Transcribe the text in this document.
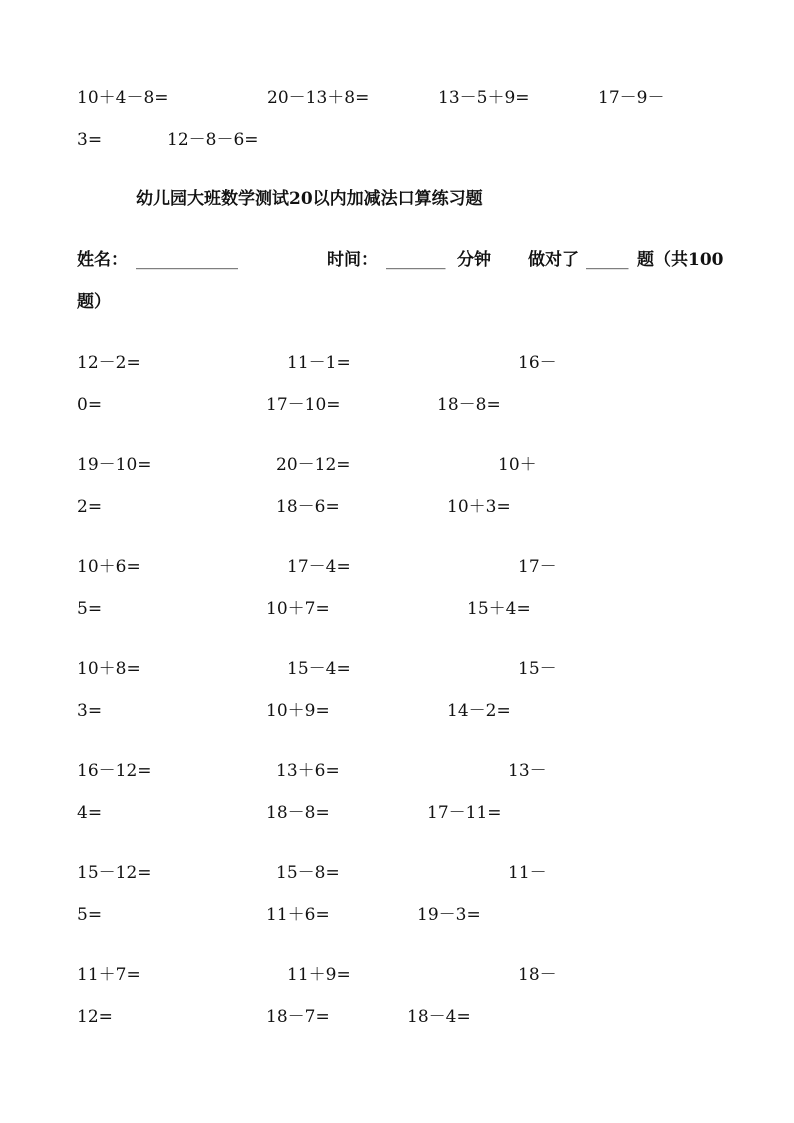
10＋4－8=	20－13＋8=	13－5＋9=	17－9－
3=	12－8－6=
幼儿园大班数学测试20以内加减法口算练习题
姓名： ____________	时间： _______ 分钟 做对了 _____ 题（共100
题）
12－2=	11－1=	16－
0=	17－10=	18－8=
19－10=	20－12=	10＋
2=	18－6=	10＋3=
10＋6=	17－4=	17－
5=	10＋7=	15＋4=
10＋8=	15－4=	15－
3=	10＋9=	14－2=
16－12=	13＋6=	13－
4=	18－8=	17－11=
15－12=	15－8=	11－
5=	11＋6=	19－3=
11＋7=	11＋9=	18－
12=	18－7=	18－4=
